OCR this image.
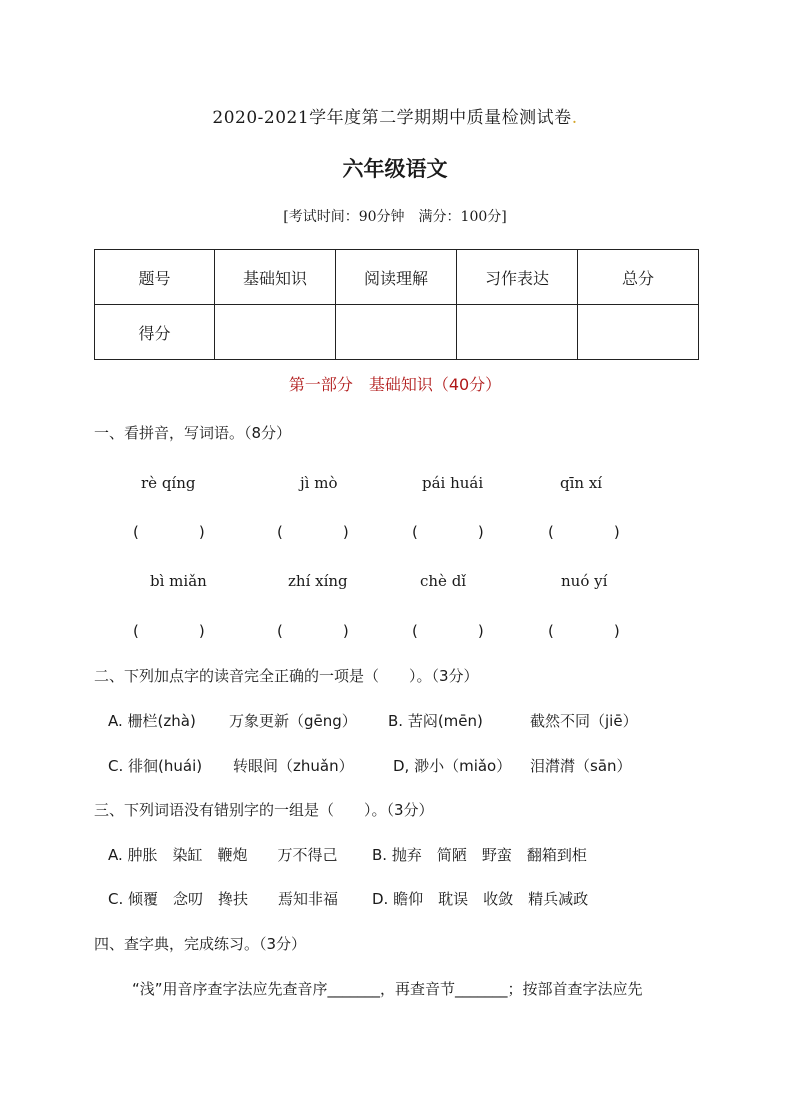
2020-2021学年度第二学期期中质量检测试卷.
六年级语文
[考试时间：90分钟　满分：100分]
题号	基础知识	阅读理解	习作表达	总分
得分				
第一部分　基础知识（40分）
一、看拼音，写词语。（8分）
rè qíng	jì mò	pái huái	qīn xí
(　　　　)	(　　　　)	(　　　　)	(　　　　)
bì miǎn	zhí xíng	chè dǐ	nuó yí
(　　　　)	(　　　　)	(　　　　)	(　　　　)
二、下列加点字的读音完全正确的一项是（　　）。（3分）
A. 栅栏(zhà) 万象更新（gēng） B. 苦闷(mēn)	截然不同（jiē）
C. 徘徊(huái) 转眼间（zhuǎn）	D, 渺小（miǎo） 泪潸潸（sān）
三、下列词语没有错别字的一组是（　　）。（3分）
A. 肿胀　染缸　鞭炮　　万不得己 B. 抛弃　简陋　野蛮　翻箱到柜
C. 倾覆　念叨　搀扶　　焉知非福 D. 瞻仰　耽误　收敛　精兵减政
四、查字典，完成练习。（3分）
“浅”用音序查字法应先查音序_______，再查音节_______；按部首查字法应先
